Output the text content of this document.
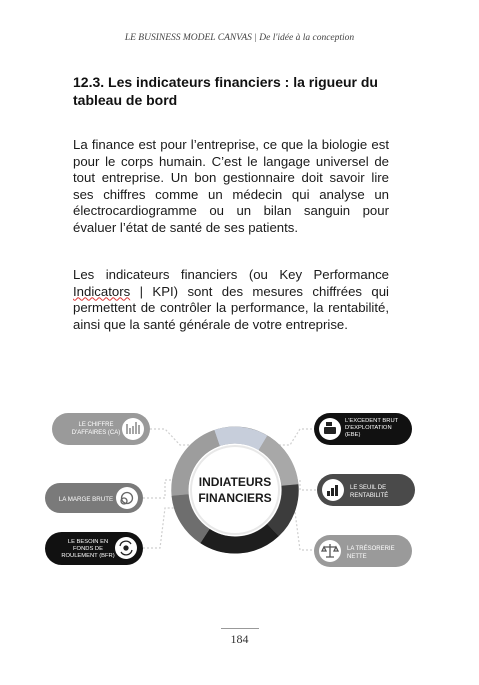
LE BUSINESS MODEL CANVAS | De l'idée à la conception
12.3. Les indicateurs financiers : la rigueur du tableau de bord

La finance est pour l’entreprise, ce que la biologie est pour le corps humain. C’est le langage universel de tout entreprise. Un bon gestionnaire doit savoir lire ses chiffres comme un médecin qui analyse un électrocardiogramme ou un bilan sanguin pour évaluer l’état de santé de ses patients.

Les indicateurs financiers (ou Key Performance Indicators | KPI) sont des mesures chiffrées qui permettent de contrôler la performance, la rentabilité, ainsi que la santé générale de votre entreprise.

INDIATEURS
FINANCIERS
LE CHIFFRE
D'AFFAIRES (CA)
LA MARGE BRUTE
LE BESOIN EN
FONDS DE
ROULEMENT (BFR)
L'EXCEDENT BRUT
D'EXPLOITATION
(EBE)
LE SEUIL DE
RENTABILITÉ
LA TRÉSORERIE
NETTE
184
